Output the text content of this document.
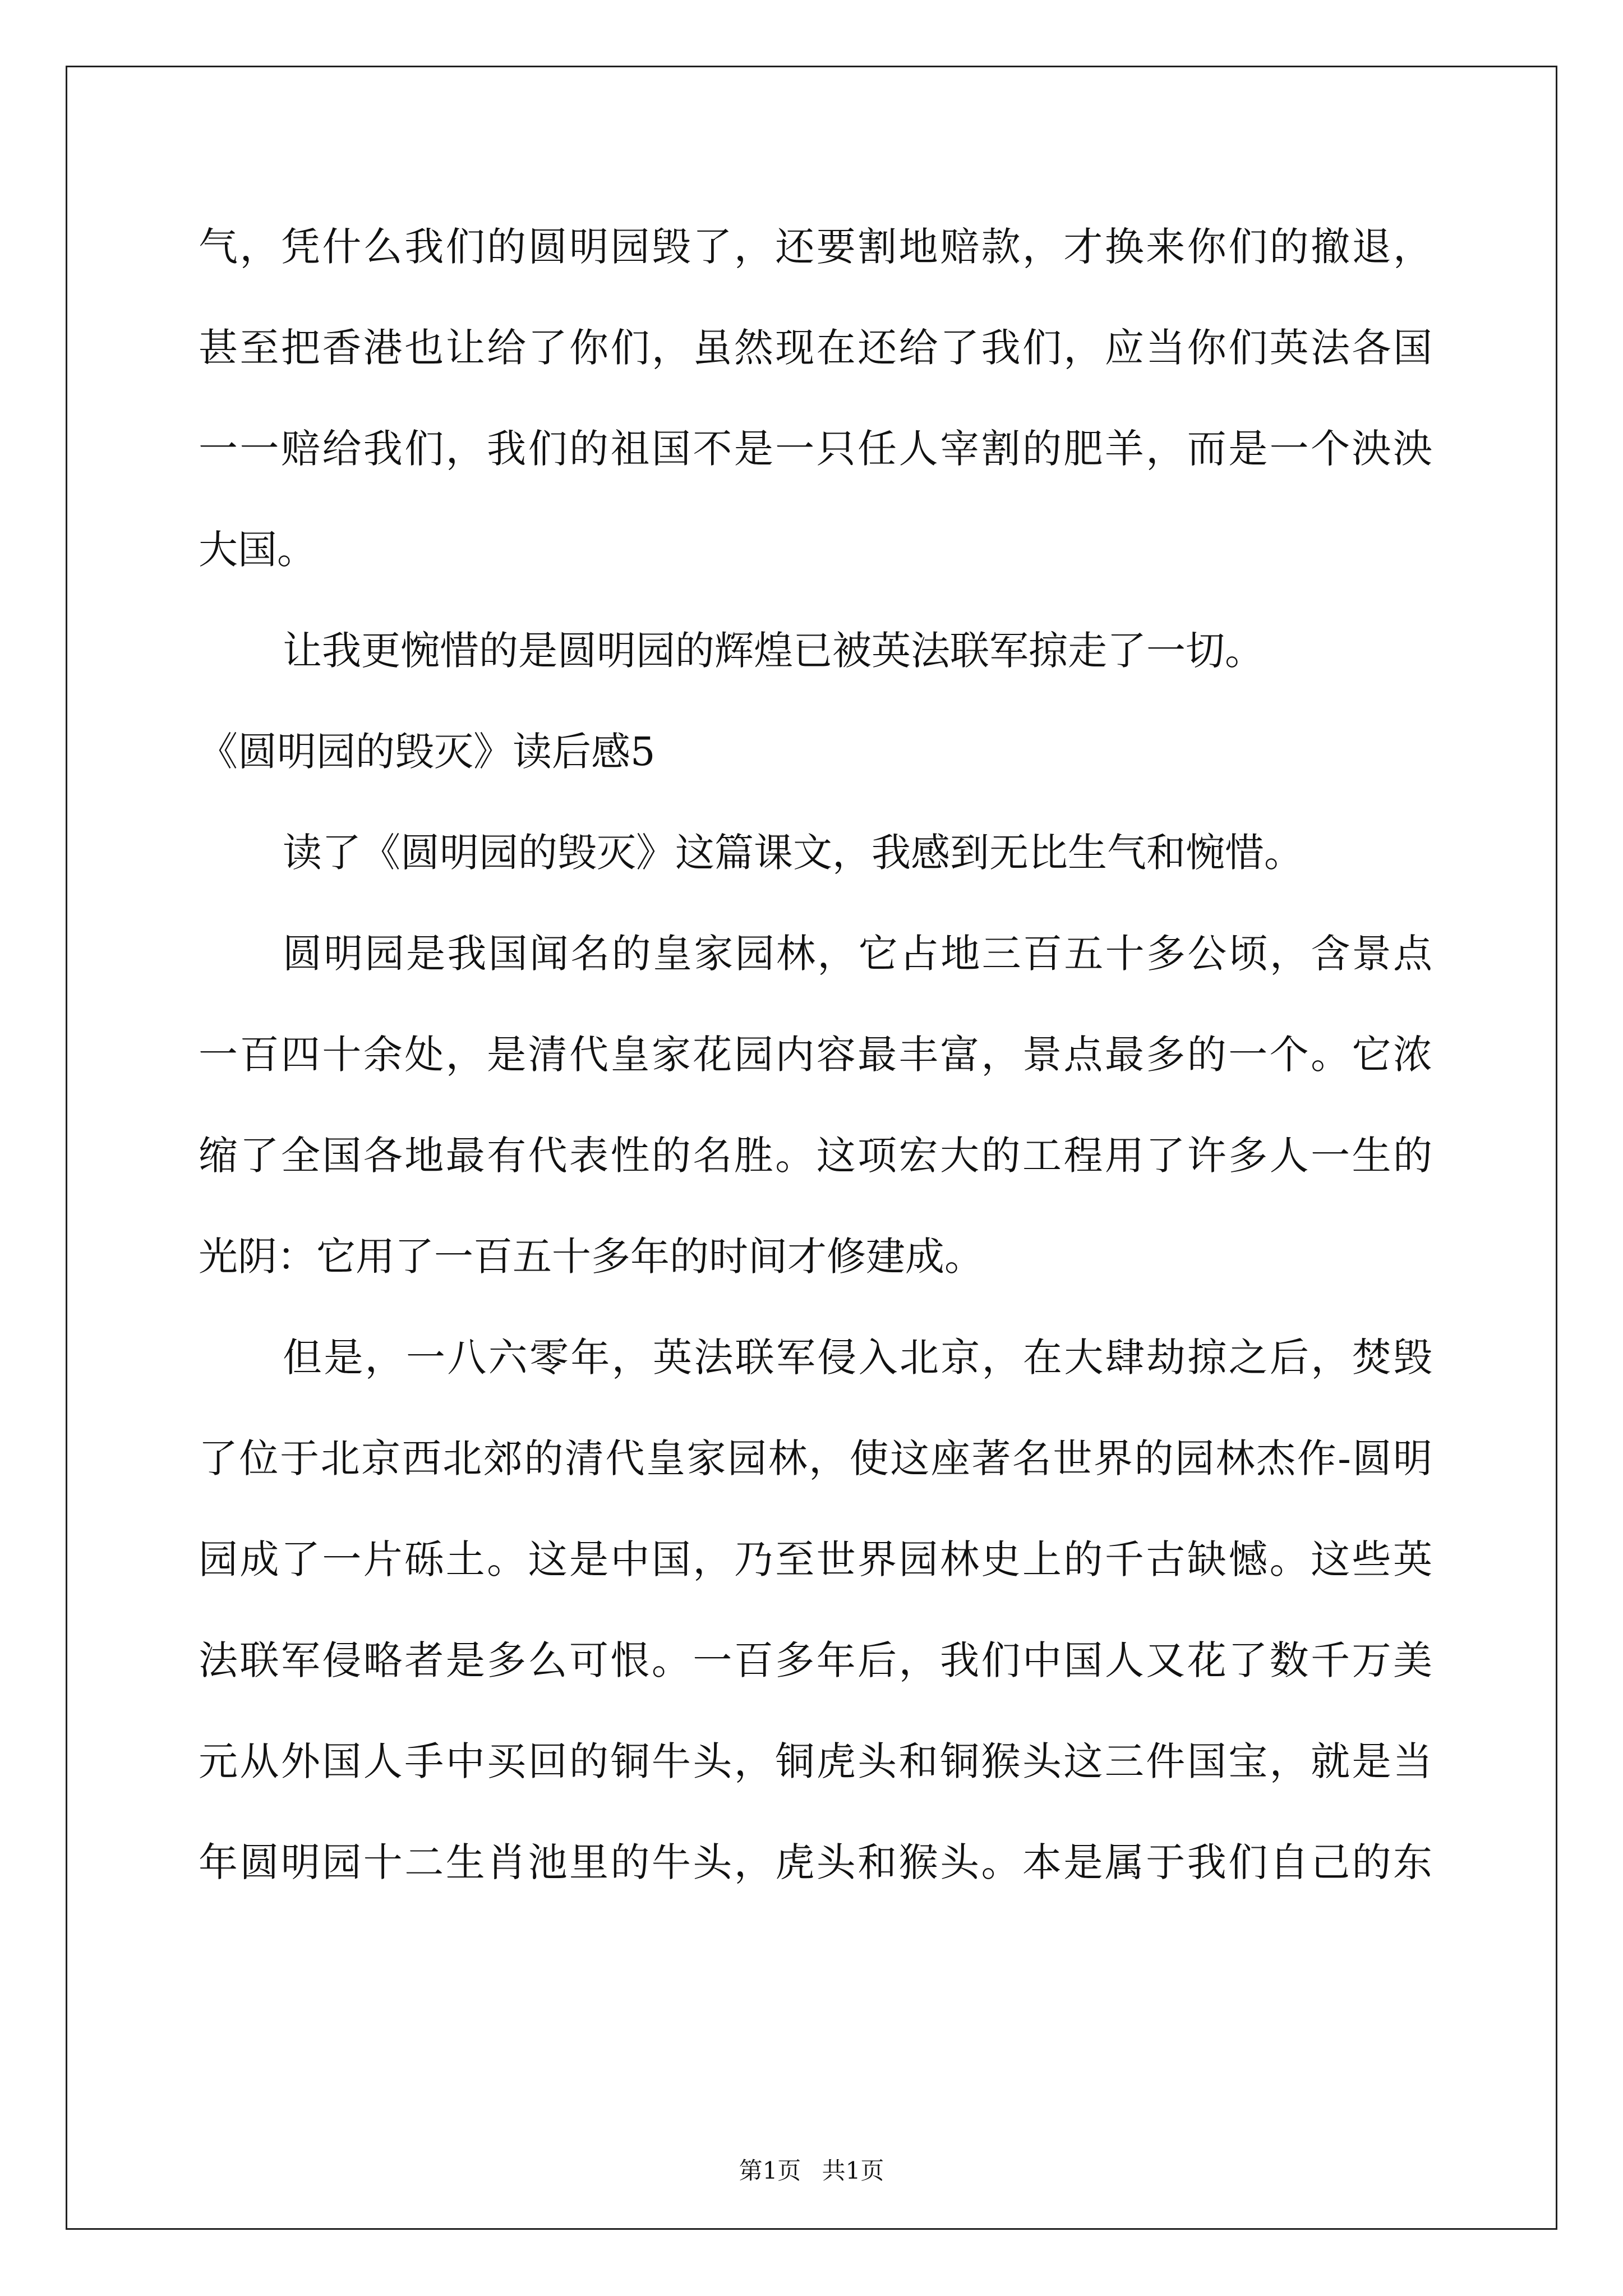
气，凭什么我们的圆明园毁了，还要割地赔款，才换来你们的撤退，
甚至把香港也让给了你们，虽然现在还给了我们，应当你们英法各国
一一赔给我们，我们的祖国不是一只任人宰割的肥羊，而是一个泱泱
大国。
让我更惋惜的是圆明园的辉煌已被英法联军掠走了一切。
《圆明园的毁灭》读后感5
读了《圆明园的毁灭》这篇课文，我感到无比生气和惋惜。
圆明园是我国闻名的皇家园林，它占地三百五十多公顷，含景点
一百四十余处，是清代皇家花园内容最丰富，景点最多的一个。它浓
缩了全国各地最有代表性的名胜。这项宏大的工程用了许多人一生的
光阴：它用了一百五十多年的时间才修建成。
但是，一八六零年，英法联军侵入北京，在大肆劫掠之后，焚毁
了位于北京西北郊的清代皇家园林，使这座著名世界的园林杰作-圆明
园成了一片砾土。这是中国，乃至世界园林史上的千古缺憾。这些英
法联军侵略者是多么可恨。一百多年后，我们中国人又花了数千万美
元从外国人手中买回的铜牛头，铜虎头和铜猴头这三件国宝，就是当
年圆明园十二生肖池里的牛头，虎头和猴头。本是属于我们自己的东
第1页 共1页
